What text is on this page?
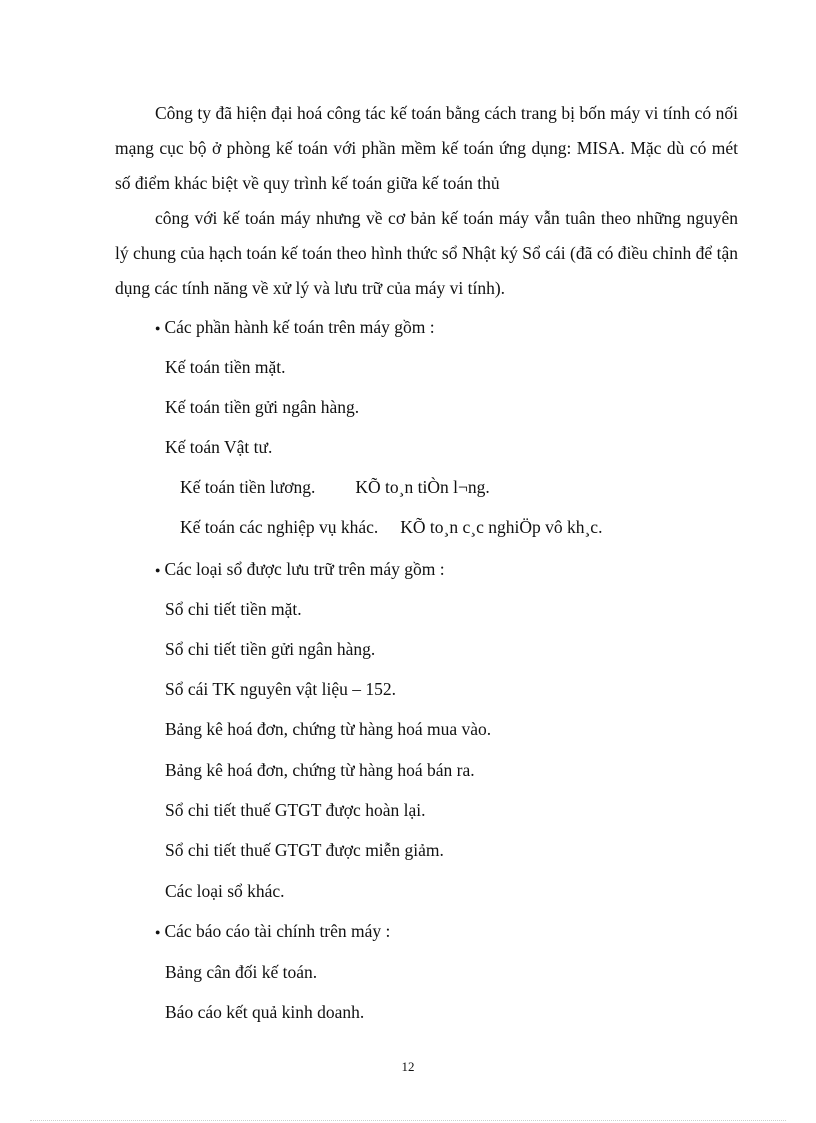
Công ty đã hiện đại hoá công tác kế toán bằng cách trang bị bốn máy vi tính có nối mạng cục bộ ở phòng kế toán với phần mềm kế toán ứng dụng: MISA. Mặc dù có mét số điểm khác biệt về quy trình kế toán giữa kế toán thủ

công với kế toán máy nhưng về cơ bản kế toán máy vẫn tuân theo những nguyên lý chung của hạch toán kế toán theo hình thức sổ Nhật ký Sổ cái (đã có điều chỉnh để tận dụng các tính năng về xử lý và lưu trữ của máy vi tính).

● Các phần hành kế toán trên máy gồm :

Kế toán tiền mặt.

Kế toán tiền gửi ngân hàng.

Kế toán Vật tư.

Kế toán tiền lương. KÕ to¸n tiÒn l¬ng.

Kế toán các nghiệp vụ khác. KÕ to¸n c¸c nghiÖp vô kh¸c.

● Các loại sổ được lưu trữ trên máy gồm :

Sổ chi tiết tiền mặt.

Sổ chi tiết tiền gửi ngân hàng.

Sổ cái TK nguyên vật liệu – 152.

Bảng kê hoá đơn, chứng từ hàng hoá mua vào.

Bảng kê hoá đơn, chứng từ hàng hoá bán ra.

Sổ chi tiết thuế GTGT được hoàn lại.

Sổ chi tiết thuế GTGT được miễn giảm.

Các loại sổ khác.

● Các báo cáo tài chính trên máy :

Bảng cân đối kế toán.

Báo cáo kết quả kinh doanh.

12
